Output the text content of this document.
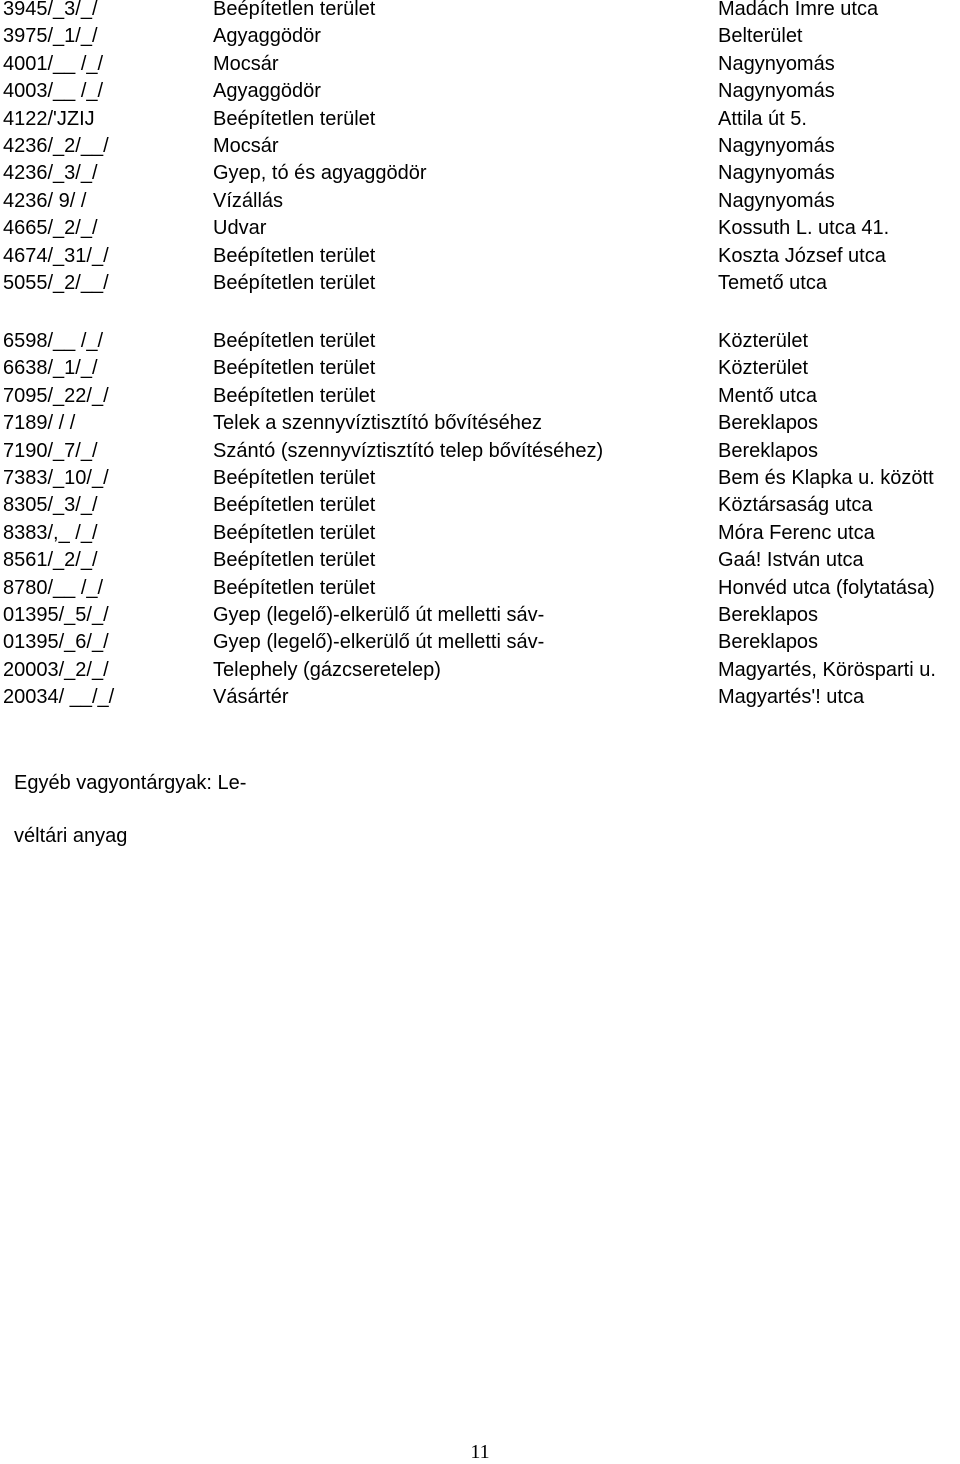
3945/_3/_/	Beépítetlen terület	Madách Imre utca
3975/_1/_/	Agyaggödör	Belterület
4001/__ /_/	Mocsár	Nagynyomás
4003/__ /_/	Agyaggödör	Nagynyomás
4122/'JZIJ	Beépítetlen terület	Attila út 5.
4236/_2/__/	Mocsár	Nagynyomás
4236/_3/_/	Gyep, tó és agyaggödör	Nagynyomás
4236/ 9/ /	Vízállás	Nagynyomás
4665/_2/_/	Udvar	Kossuth L. utca 41.
4674/_31/_/	Beépítetlen terület	Koszta József utca
5055/_2/__/	Beépítetlen terület	Temető utca
6598/__ /_/	Beépítetlen terület	Közterület
6638/_1/_/	Beépítetlen terület	Közterület
7095/_22/_/	Beépítetlen terület	Mentő utca
7189/ / /	Telek a szennyvíztisztító bővítéséhez	Bereklapos
7190/_7/_/	Szántó (szennyvíztisztító telep bővítéséhez)	Bereklapos
7383/_10/_/	Beépítetlen terület	Bem és Klapka u. között
8305/_3/_/	Beépítetlen terület	Köztársaság utca
8383/,_ /_/	Beépítetlen terület	Móra Ferenc utca
8561/_2/_/	Beépítetlen terület	Gaá! István utca
8780/__ /_/	Beépítetlen terület	Honvéd utca (folytatása)
01395/_5/_/	Gyep (legelő)-elkerülő út melletti sáv-	Bereklapos
01395/_6/_/	Gyep (legelő)-elkerülő út melletti sáv-	Bereklapos
20003/_2/_/	Telephely (gázcseretelep)	Magyartés, Körösparti u.
20034/ __/_/	Vásártér	Magyartés'! utca
Egyéb vagyontárgyak: Le-
véltári anyag
11
